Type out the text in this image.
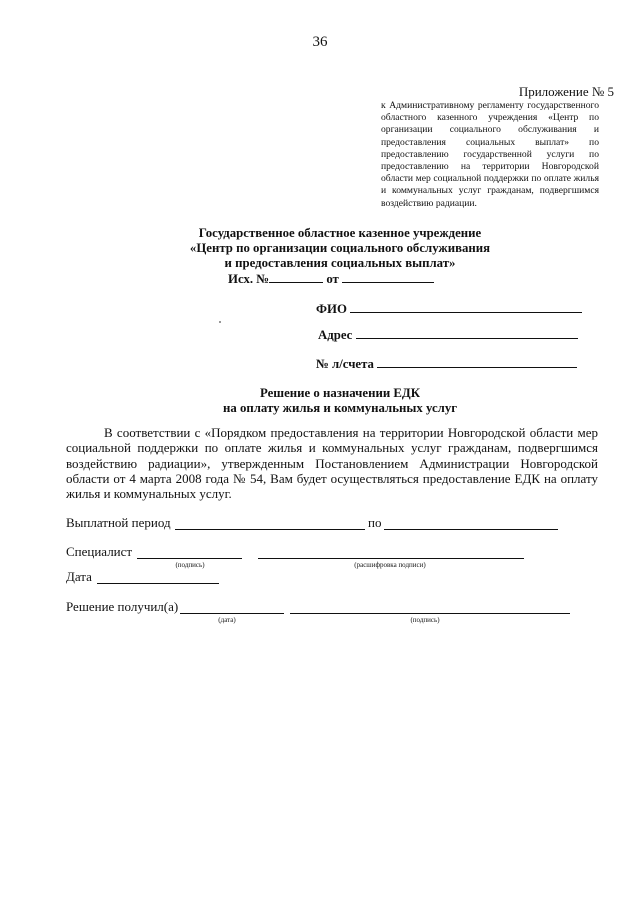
36
Приложение № 5
к Административному регламенту государственного областного казенного учреждения «Центр по организации социального обслуживания и предоставления социальных выплат» по предоставлению государственной услуги по предоставлению на территории Новгородской области мер социальной поддержки по оплате жилья и коммунальных услуг гражданам, подвергшимся воздействию радиации.
Государственное областное казенное учреждение
«Центр по организации социального обслуживания
и предоставления социальных выплат»
Исх. №	от
ФИО
Адрес
№ л/счета
Решение о назначении ЕДК
на оплату жилья и коммунальных услуг
В соответствии с «Порядком предоставления на территории Новгородской области мер социальной поддержки по оплате жилья и коммунальных услуг гражданам, подвергшимся воздействию радиации», утвержденным Постановлением Администрации Новгородской области от 4 марта 2008 года № 54, Вам будет осуществляться предоставление ЕДК на оплату жилья и коммунальных услуг.
Выплатной период	по
Специалист
(подпись)	(расшифровка подписи)
Дата
Решение получил(а)
(дата)	(подпись)
